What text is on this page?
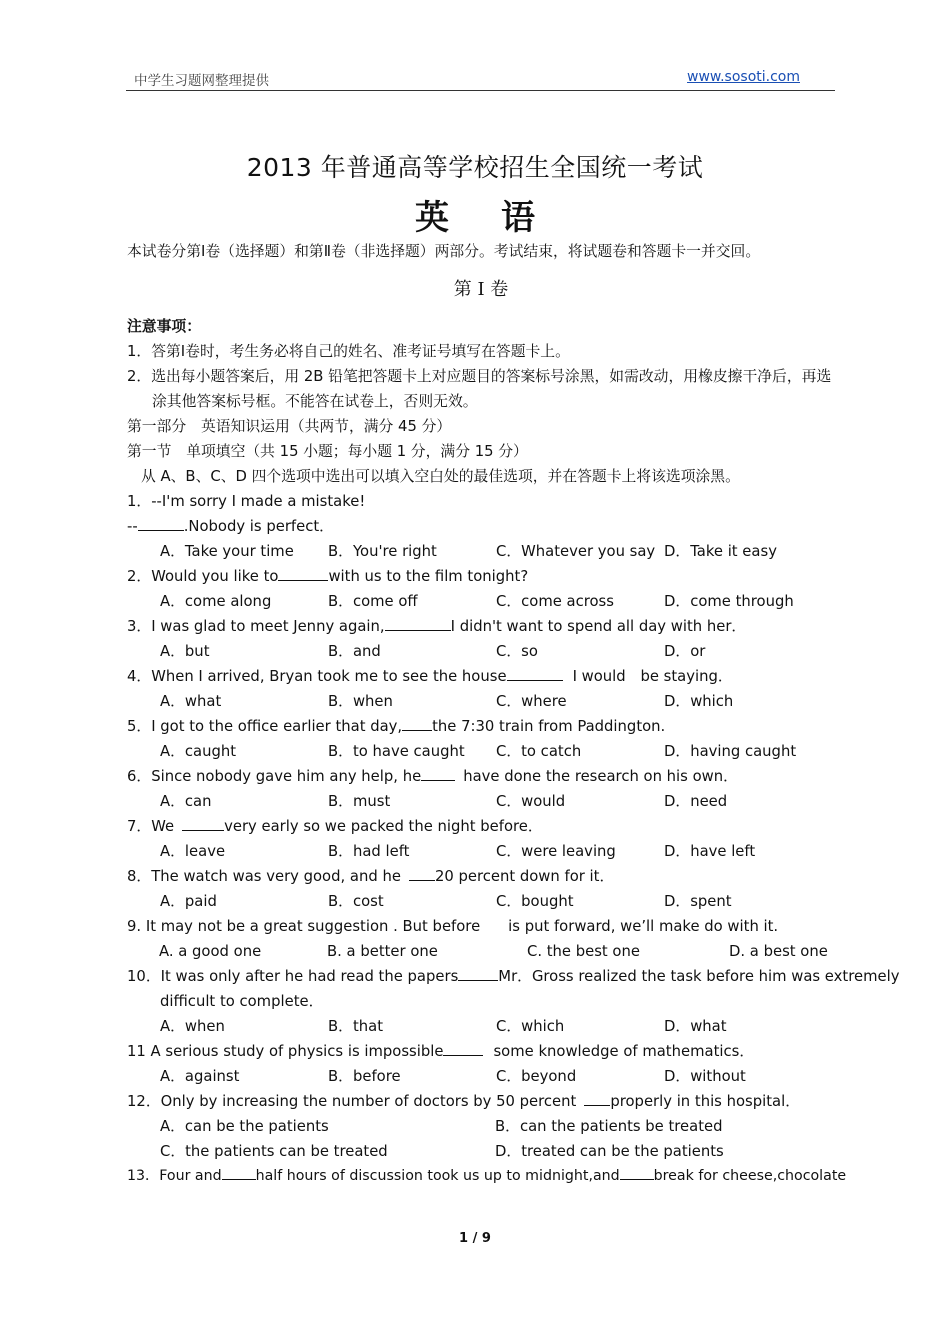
中学生习题网整理提供	www.sosoti.com
2013 年普通高等学校招生全国统一考试
英语

本试卷分第Ⅰ卷（选择题）和第Ⅱ卷（非选择题）两部分。考试结束，将试题卷和答题卡一并交回。

第 Ⅰ 卷

注意事项：

1．答第Ⅰ卷时，考生务必将自己的姓名、准考证号填写在答题卡上。

2．选出每小题答案后，用 2B 铅笔把答题卡上对应题目的答案标号涂黑，如需改动，用橡皮擦干净后，再选涂其他答案标号框。不能答在试卷上，否则无效。

第一部分　英语知识运用（共两节，满分 45 分）

第一节　单项填空（共 15 小题；每小题 1 分，满分 15 分）

从 A、B、C、D 四个选项中选出可以填入空白处的最佳选项，并在答题卡上将该选项涂黑。

1．--I'm sorry I made a mistake!

--	.Nobody is perfect．

A．Take your time	B．You're right	C．Whatever you say D．Take it easy

2．Would you like to	with us to the film tonight?

A．come along	B．come off	C．come across	D．come through

3．I was glad to meet Jenny again,	I didn't want to spend all day with her．

A．but	B．and	C．so	D．or

4．When I arrived, Bryan took me to see the house	I would　be staying．

A．what	B．when	C．where	D．which

5．I got to the office earlier that day, the 7:30 train from Paddington.

A．caught	B．to have caught	C．to catch	D．having caught

6．Since nobody gave him any help, he	have done the research on his own．

A．can	B．must	C．would	D．need

7．We	very early so we packed the night before．

A．leave	B．had left	C．were leaving	D．have left

8．The watch was very good, and he 20 percent down for it．

A．paid	B．cost	C．bought	D．spent

9. It may not be a great suggestion . But before is put forward, we’ll make do with it.

A. a good one	B. a better one	C. the best one	D. a best one

10．It was only after he had read the papers	Mr．Gross realized the task before him was extremely

difficult to complete．

A．when	B．that	C．which	D．what

11 A serious study of physics is impossible	some knowledge of mathematics．

A．against	B．before	C．beyond	D．without

12．Only by increasing the number of doctors by 50 percent properly in this hospital．

A．can be the patients	B．can the patients be treated
C．the patients can be treated	D．treated can be the patients

13．Four and half hours of discussion took us up to midnight,and break for cheese,chocolate

1 / 9
